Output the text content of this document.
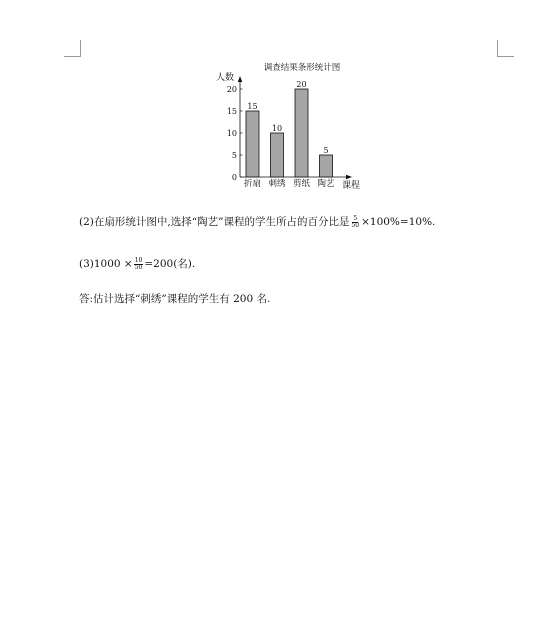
调查结果条形统计图
人数
课程
0
5
10
15
20
15
折扇
10
刺绣
20
剪纸
5
陶艺
(2)在扇形统计图中,选择“陶艺”课程的学生所占的百分比是 $\frac{5}{50} \times 100\%=10\%$.
$(3)1000 \times \frac{10}{50} =200$(名).
答:估计选择“刺绣”课程的学生有 200 名.
